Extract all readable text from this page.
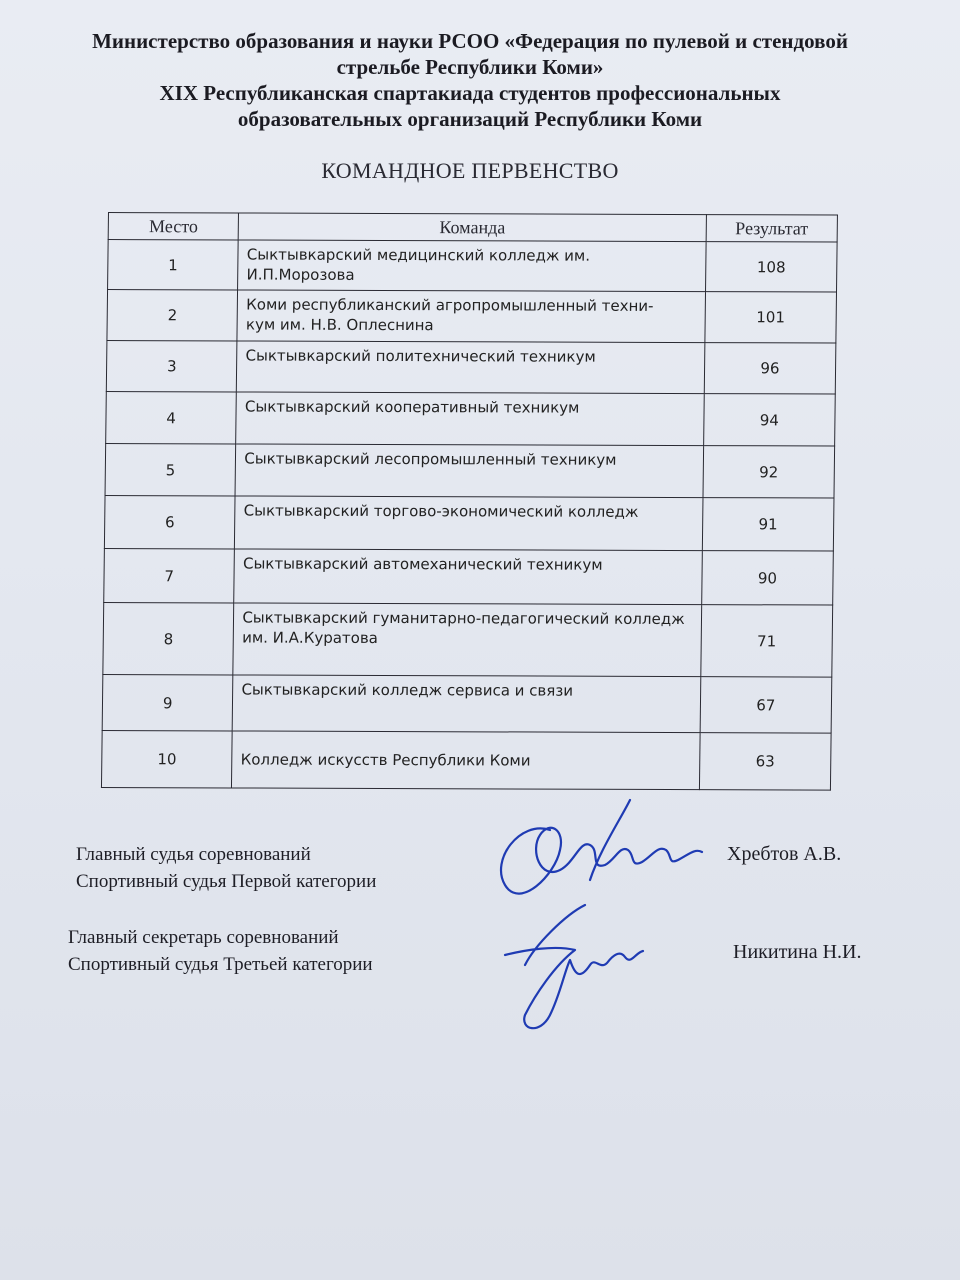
Министерство образования и науки РСОО «Федерация по пулевой и стендовой
стрельбе Республики Коми»
XIX Республиканская спартакиада студентов профессиональных
образовательных организаций Республики Коми
КОМАНДНОЕ ПЕРВЕНСТВО
Место	Команда	Результат
1	Сыктывкарский медицинский колледж им.
И.П.Морозова	108
2	Коми республиканский агропромышленный техни-
кум им. Н.В. Оплеснина	101
3	Сыктывкарский политехнический техникум	96
4	Сыктывкарский кооперативный техникум	94
5	Сыктывкарский лесопромышленный техникум	92
6	Сыктывкарский торгово-экономический колледж	91
7	Сыктывкарский автомеханический техникум	90
8	Сыктывкарский гуманитарно-педагогический колледж
им. И.А.Куратова	71
9	Сыктывкарский колледж сервиса и связи	67
10	Колледж искусств Республики Коми	63
Главный судья соревнований
Спортивный судья Первой категории
Хребтов А.В.
Главный секретарь соревнований
Спортивный судья Третьей категории
Никитина Н.И.
